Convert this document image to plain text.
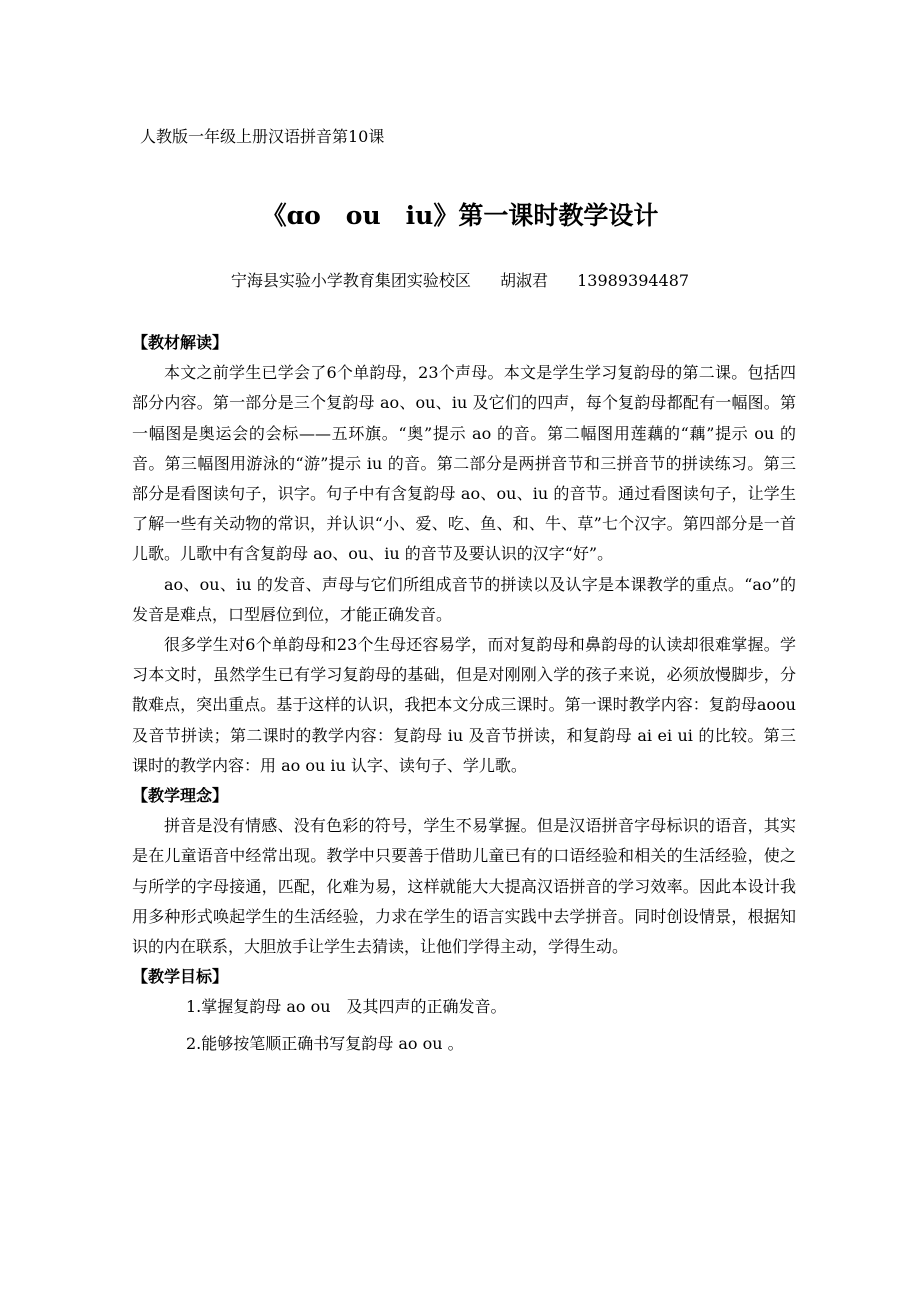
人教版一年级上册汉语拼音第10课
《ɑo　ou　iu》第一课时教学设计
宁海县实验小学教育集团实验校区 胡淑君 13989394487

【教材解读】

本文之前学生已学会了6个单韵母，23个声母。本文是学生学习复韵母的第二课。包括四部分内容。第一部分是三个复韵母 ao、ou、iu 及它们的四声，每个复韵母都配有一幅图。第一幅图是奥运会的会标——五环旗。“奥”提示 ao 的音。第二幅图用莲藕的“藕”提示 ou 的音。第三幅图用游泳的“游”提示 iu 的音。第二部分是两拼音节和三拼音节的拼读练习。第三部分是看图读句子，识字。句子中有含复韵母 ao、ou、iu 的音节。通过看图读句子，让学生了解一些有关动物的常识，并认识“小、爱、吃、鱼、和、牛、草”七个汉字。第四部分是一首儿歌。儿歌中有含复韵母 ao、ou、iu 的音节及要认识的汉字“好”。

ao、ou、iu 的发音、声母与它们所组成音节的拼读以及认字是本课教学的重点。“ao”的发音是难点，口型唇位到位，才能正确发音。

很多学生对6个单韵母和23个生母还容易学，而对复韵母和鼻韵母的认读却很难掌握。学习本文时，虽然学生已有学习复韵母的基础，但是对刚刚入学的孩子来说，必须放慢脚步，分散难点，突出重点。基于这样的认识，我把本文分成三课时。第一课时教学内容：复韵母aoou及音节拼读；第二课时的教学内容：复韵母 iu 及音节拼读，和复韵母 ai ei ui 的比较。第三课时的教学内容：用 ao ou iu 认字、读句子、学儿歌。

【教学理念】

拼音是没有情感、没有色彩的符号，学生不易掌握。但是汉语拼音字母标识的语音，其实是在儿童语音中经常出现。教学中只要善于借助儿童已有的口语经验和相关的生活经验，使之与所学的字母接通，匹配，化难为易，这样就能大大提高汉语拼音的学习效率。因此本设计我用多种形式唤起学生的生活经验，力求在学生的语言实践中去学拼音。同时创设情景，根据知识的内在联系，大胆放手让学生去猜读，让他们学得主动，学得生动。

【教学目标】

1.掌握复韵母 ao ou　及其四声的正确发音。

2.能够按笔顺正确书写复韵母 ao ou 。
